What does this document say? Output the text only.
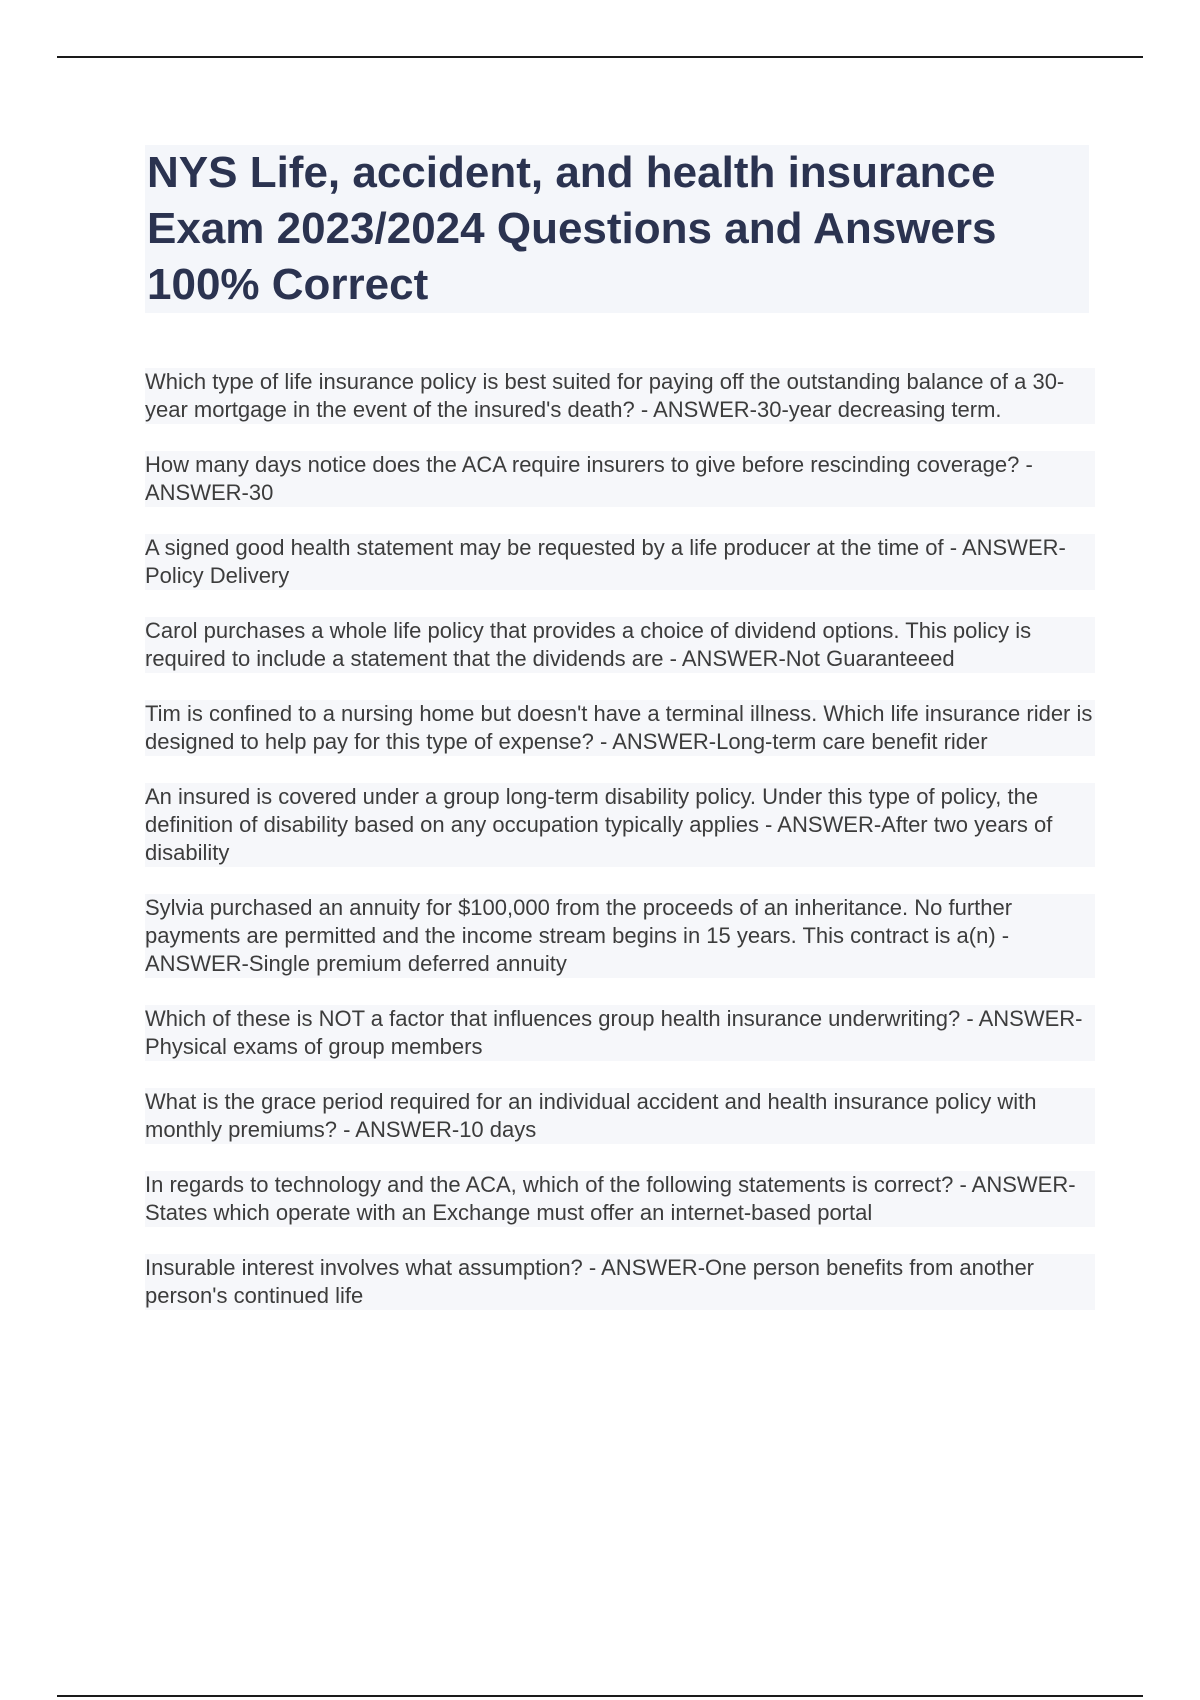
NYS Life, accident, and health insurance Exam 2023/2024 Questions and Answers 100% Correct

Which type of life insurance policy is best suited for paying off the outstanding balance of a 30-year mortgage in the event of the insured's death? - ANSWER-30-year decreasing term.

How many days notice does the ACA require insurers to give before rescinding coverage? - ANSWER-30

A signed good health statement may be requested by a life producer at the time of - ANSWER-Policy Delivery

Carol purchases a whole life policy that provides a choice of dividend options. This policy is required to include a statement that the dividends are - ANSWER-Not Guaranteeed

Tim is confined to a nursing home but doesn't have a terminal illness. Which life insurance rider is designed to help pay for this type of expense? - ANSWER-Long-term care benefit rider

An insured is covered under a group long-term disability policy. Under this type of policy, the definition of disability based on any occupation typically applies - ANSWER-After two years of disability

Sylvia purchased an annuity for $100,000 from the proceeds of an inheritance. No further payments are permitted and the income stream begins in 15 years. This contract is a(n) - ANSWER-Single premium deferred annuity

Which of these is NOT a factor that influences group health insurance underwriting? - ANSWER-Physical exams of group members

What is the grace period required for an individual accident and health insurance policy with monthly premiums? - ANSWER-10 days

In regards to technology and the ACA, which of the following statements is correct? - ANSWER-States which operate with an Exchange must offer an internet-based portal

Insurable interest involves what assumption? - ANSWER-One person benefits from another person's continued life
